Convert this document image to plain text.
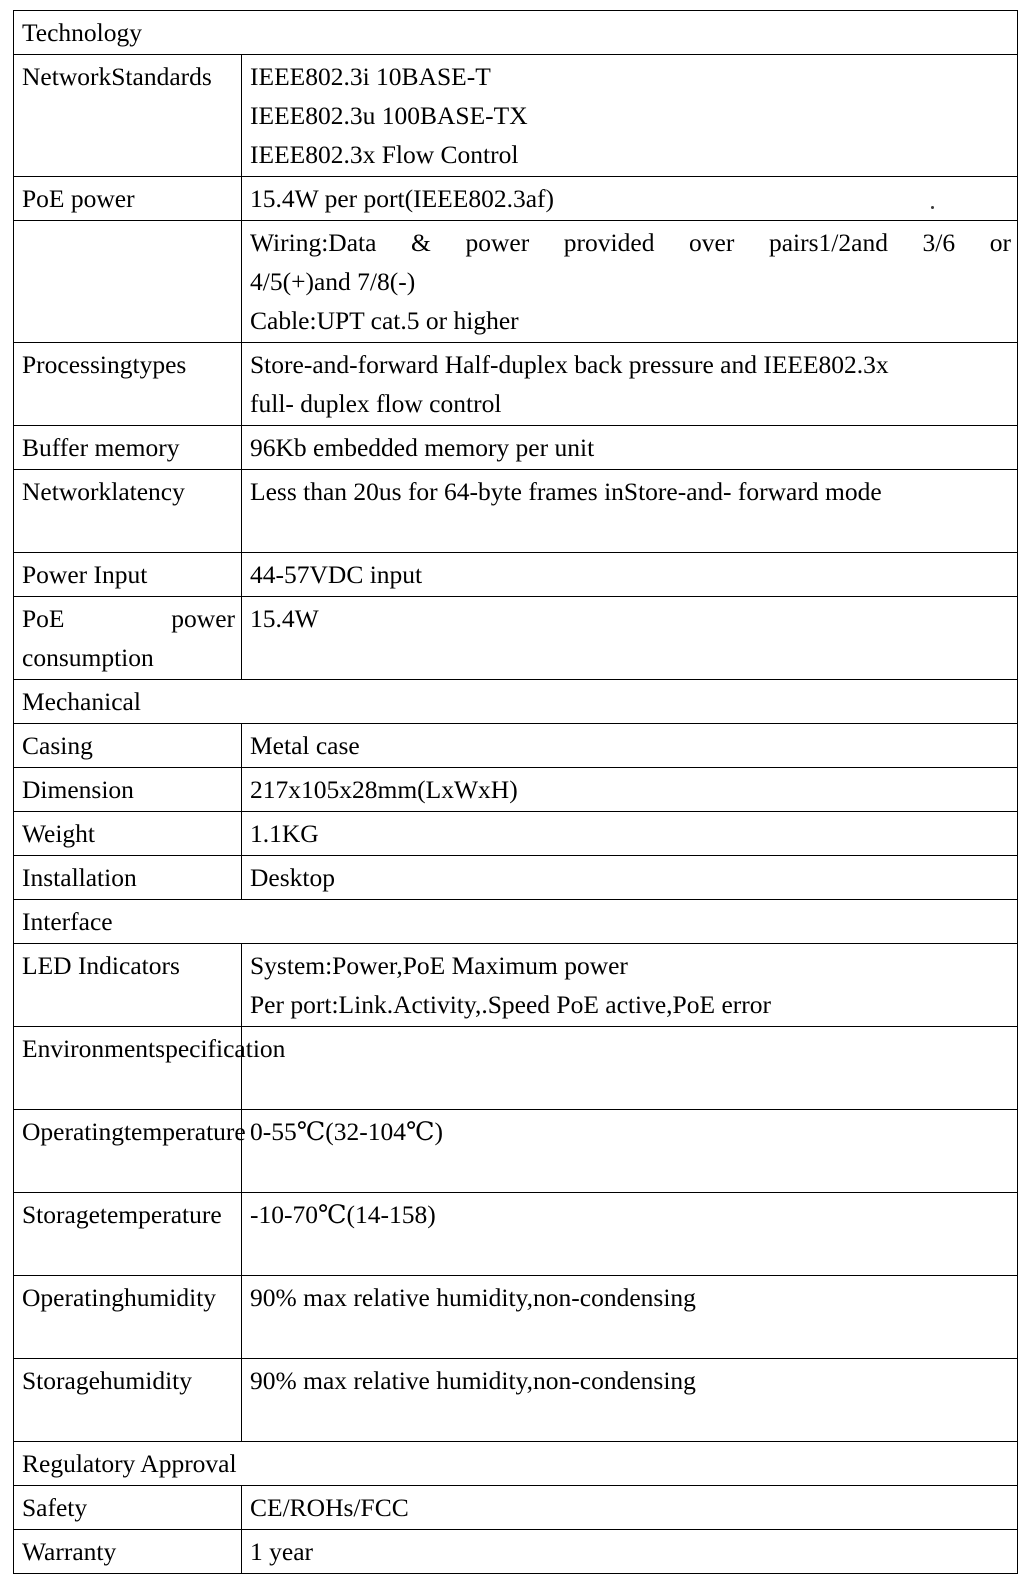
Technology	
NetworkStandards	IEEE802.3i 10BASE-T
IEEE802.3u 100BASE-TX
IEEE802.3x Flow Control

PoE power	15.4W per port(IEEE802.3af)

	Wiring:Data & power provided over pairs1/2and 3/6 or
4/5(+)and 7/8(-)
Cable:UPT cat.5 or higher

Processingtypes	Store-and-forward Half-duplex back pressure and IEEE802.3x
full- duplex flow control

Buffer memory	96Kb embedded memory per unit

Networklatency	Less than 20us for 64-byte frames inStore-and- forward mode

Power Input	44-57VDC input

PoE power
consumption	15.4W

Mechanical	
Casing	Metal case

Dimension	217x105x28mm(LxWxH)

Weight	1.1KG

Installation	Desktop

Interface	
LED Indicators	System:Power,PoE Maximum power
Per port:Link.Activity,.Speed PoE active,PoE error

Environmentspecification	
Operatingtemperature	0-55℃(32-104℃)

Storagetemperature	-10-70℃(14-158)

Operatinghumidity	90% max relative humidity,non-condensing

Storagehumidity	90% max relative humidity,non-condensing

Regulatory Approval	
Safety	CE/ROHs/FCC

Warranty	1 year
